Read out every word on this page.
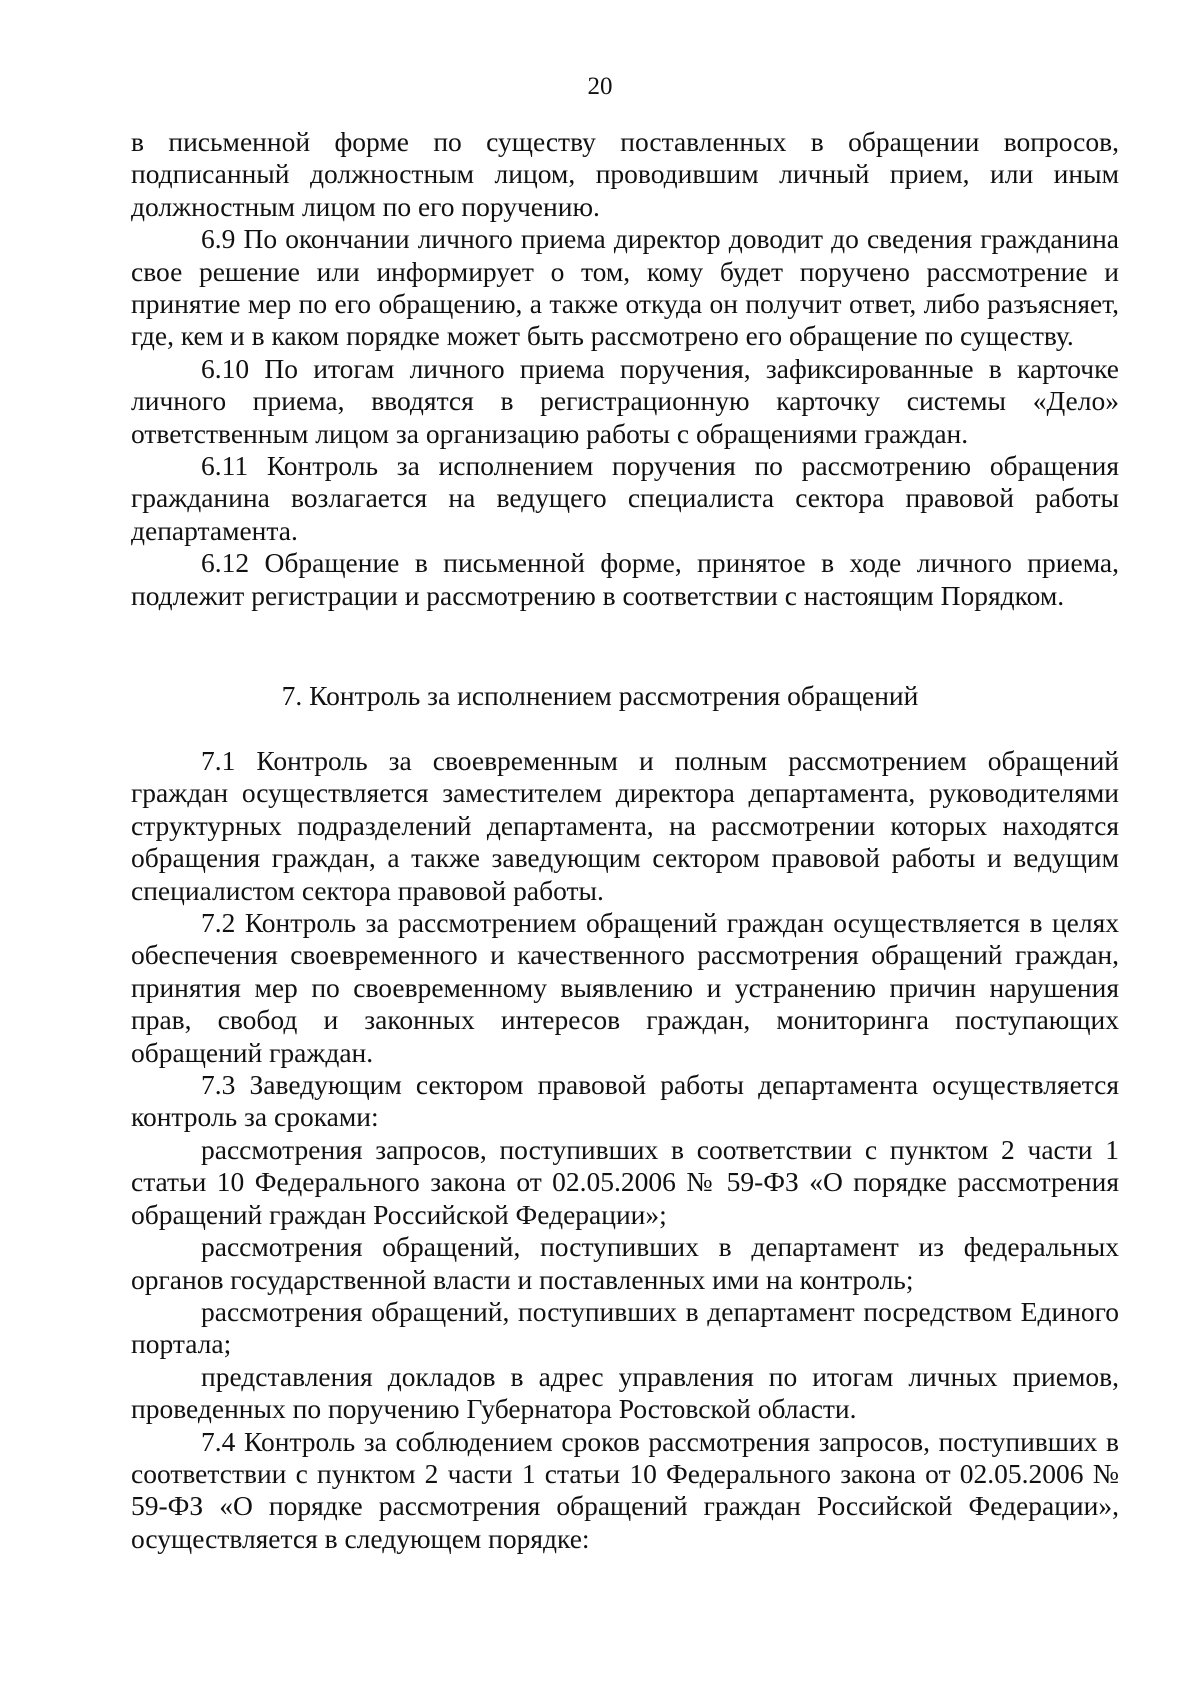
20

в письменной форме по существу поставленных в обращении вопросов, подписанный должностным лицом, проводившим личный прием, или иным должностным лицом по его поручению.

6.9 По окончании личного приема директор доводит до сведения гражданина свое решение или информирует о том, кому будет поручено рассмотрение и принятие мер по его обращению, а также откуда он получит ответ, либо разъясняет, где, кем и в каком порядке может быть рассмотрено его обращение по существу.

6.10 По итогам личного приема поручения, зафиксированные в карточке личного приема, вводятся в регистрационную карточку системы «Дело» ответственным лицом за организацию работы с обращениями граждан.

6.11 Контроль за исполнением поручения по рассмотрению обращения гражданина возлагается на ведущего специалиста сектора правовой работы департамента.

6.12 Обращение в письменной форме, принятое в ходе личного приема, подлежит регистрации и рассмотрению в соответствии с настоящим Порядком.

7. Контроль за исполнением рассмотрения обращений

7.1 Контроль за своевременным и полным рассмотрением обращений граждан осуществляется заместителем директора департамента, руководителями структурных подразделений департамента, на рассмотрении которых находятся обращения граждан, а также заведующим сектором правовой работы и ведущим специалистом сектора правовой работы.

7.2 Контроль за рассмотрением обращений граждан осуществляется в целях обеспечения своевременного и качественного рассмотрения обращений граждан, принятия мер по своевременному выявлению и устранению причин нарушения прав, свобод и законных интересов граждан, мониторинга поступающих обращений граждан.

7.3 Заведующим сектором правовой работы департамента осуществляется контроль за сроками:

рассмотрения запросов, поступивших в соответствии с пунктом 2 части 1 статьи 10 Федерального закона от 02.05.2006 № 59-ФЗ «О порядке рассмотрения обращений граждан Российской Федерации»;

рассмотрения обращений, поступивших в департамент из федеральных органов государственной власти и поставленных ими на контроль;

рассмотрения обращений, поступивших в департамент посредством Единого портала;

представления докладов в адрес управления по итогам личных приемов, проведенных по поручению Губернатора Ростовской области.

7.4 Контроль за соблюдением сроков рассмотрения запросов, поступивших в соответствии с пунктом 2 части 1 статьи 10 Федерального закона от 02.05.2006 № 59-ФЗ «О порядке рассмотрения обращений граждан Российской Федерации», осуществляется в следующем порядке:
